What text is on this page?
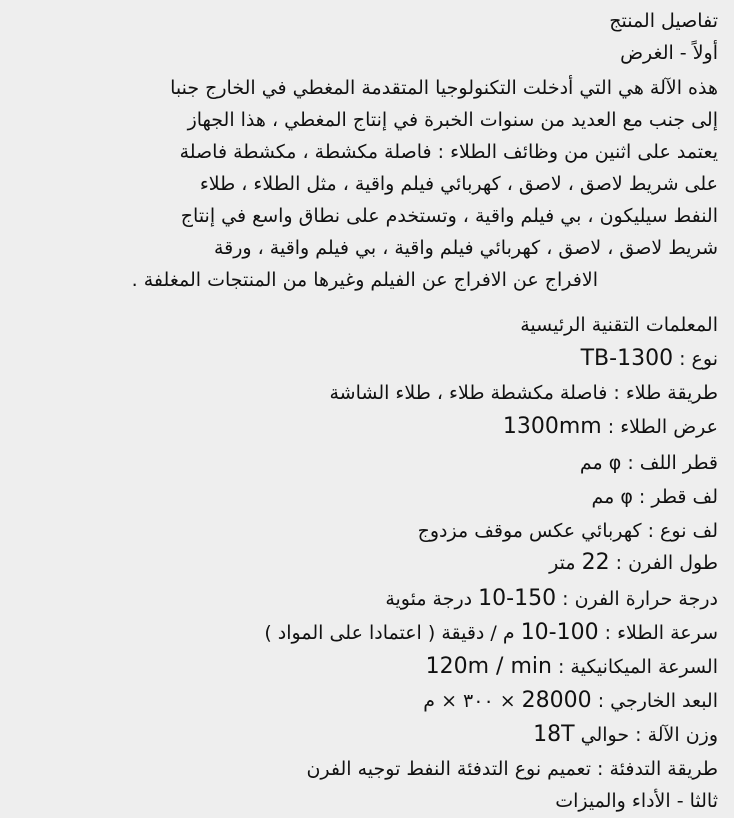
تفاصيل المنتج
أولاً - الغرض
هذه الآلة هي التي أدخلت التكنولوجيا المتقدمة المغطي في الخارج جنبا
إلى جنب مع العديد من سنوات الخبرة في إنتاج المغطي ، هذا الجهاز
يعتمد على اثنين من وظائف الطلاء : فاصلة مكشطة ، مكشطة فاصلة
على شريط لاصق ، لاصق ، كهربائي فيلم واقية ، مثل الطلاء ، طلاء
النفط سيليكون ، بي فيلم واقية ، وتستخدم على نطاق واسع في إنتاج
شريط لاصق ، لاصق ، كهربائي فيلم واقية ، بي فيلم واقية ، ورقة
الافراج عن الافراج عن الفيلم وغيرها من المنتجات المغلفة .
المعلمات التقنية الرئيسية
نوع : TB-1300
طريقة طلاء : فاصلة مكشطة طلاء ، طلاء الشاشة
عرض الطلاء : 1300mm
قطر اللف : φ مم
لف قطر : φ مم
لف نوع : كهربائي عكس موقف مزدوج
طول الفرن : 22 متر
درجة حرارة الفرن : 10-150 درجة مئوية
سرعة الطلاء : 10-100 م / دقيقة ( اعتمادا على المواد )
السرعة الميكانيكية : 120m / min
البعد الخارجي : 28000 × ٣٠٠ × م
وزن الآلة : حوالي 18T
طريقة التدفئة : تعميم نوع التدفئة النفط توجيه الفرن
ثالثا - الأداء والميزات
